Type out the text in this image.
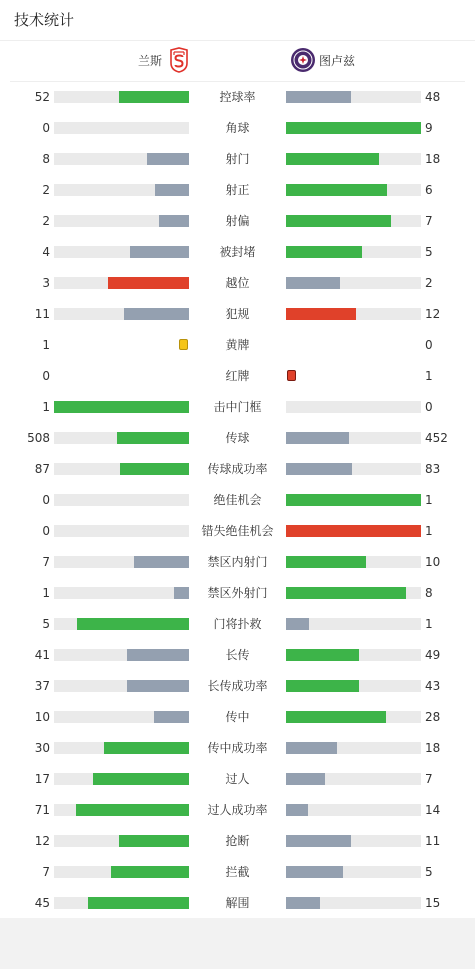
技术统计
兰斯	图卢兹
52	控球率	48
0	角球	9
8	射门	18
2	射正	6
2	射偏	7
4	被封堵	5
3	越位	2
11	犯规	12
1	黄牌	0
0	红牌	1
1	击中门框	0
508	传球	452
87	传球成功率	83
0	绝佳机会	1
0	错失绝佳机会	1
7	禁区内射门	10
1	禁区外射门	8
5	门将扑救	1
41	长传	49
37	长传成功率	43
10	传中	28
30	传中成功率	18
17	过人	7
71	过人成功率	14
12	抢断	11
7	拦截	5
45	解围	15
